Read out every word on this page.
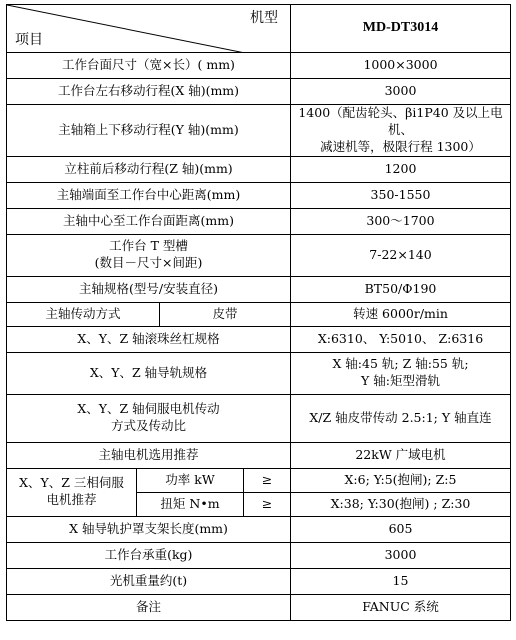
机型
项目				MD-DT3014
工作台面尺寸（宽×长）( mm)				1000×3000
工作台左右移动行程(X 轴)(mm)				3000
主轴箱上下移动行程(Y 轴)(mm)				1400（配齿轮头、βi1P40 及以上电机、
减速机等，极限行程 1300）

立柱前后移动行程(Z 轴)(mm)				1200
主轴端面至工作台中心距离(mm)				350-1550
主轴中心至工作台面距离(mm)				300～1700

工作台 T 型槽
(数目－尺寸×间距)				7-22×140
主轴规格(型号/安装直径)				BT50/Φ190
主轴传动方式		皮带		转速 6000r/min
X、Y、Z 轴滚珠丝杠规格				X:6310、 Y:5010、 Z:6316
X、Y、Z 轴导轨规格				X 轴:45 轨; Z 轴:55 轨;
Y 轴:矩型滑轨

X、Y、Z 轴伺服电机传动
方式及传动比				X/Z 轴皮带传动 2.5:1; Y 轴直连
主轴电机选用推荐				22kW 广域电机

X、Y、Z 三相伺服
电机推荐	功率 kW		≥	X:6; Y:5(抱闸); Z:5
	扭矩 N•m		≥	X:38; Y:30(抱闸) ; Z:30
X 轴导轨护罩支架长度(mm)				605
工作台承重(kg)				3000
光机重量约(t)				15
备注				FANUC 系统
